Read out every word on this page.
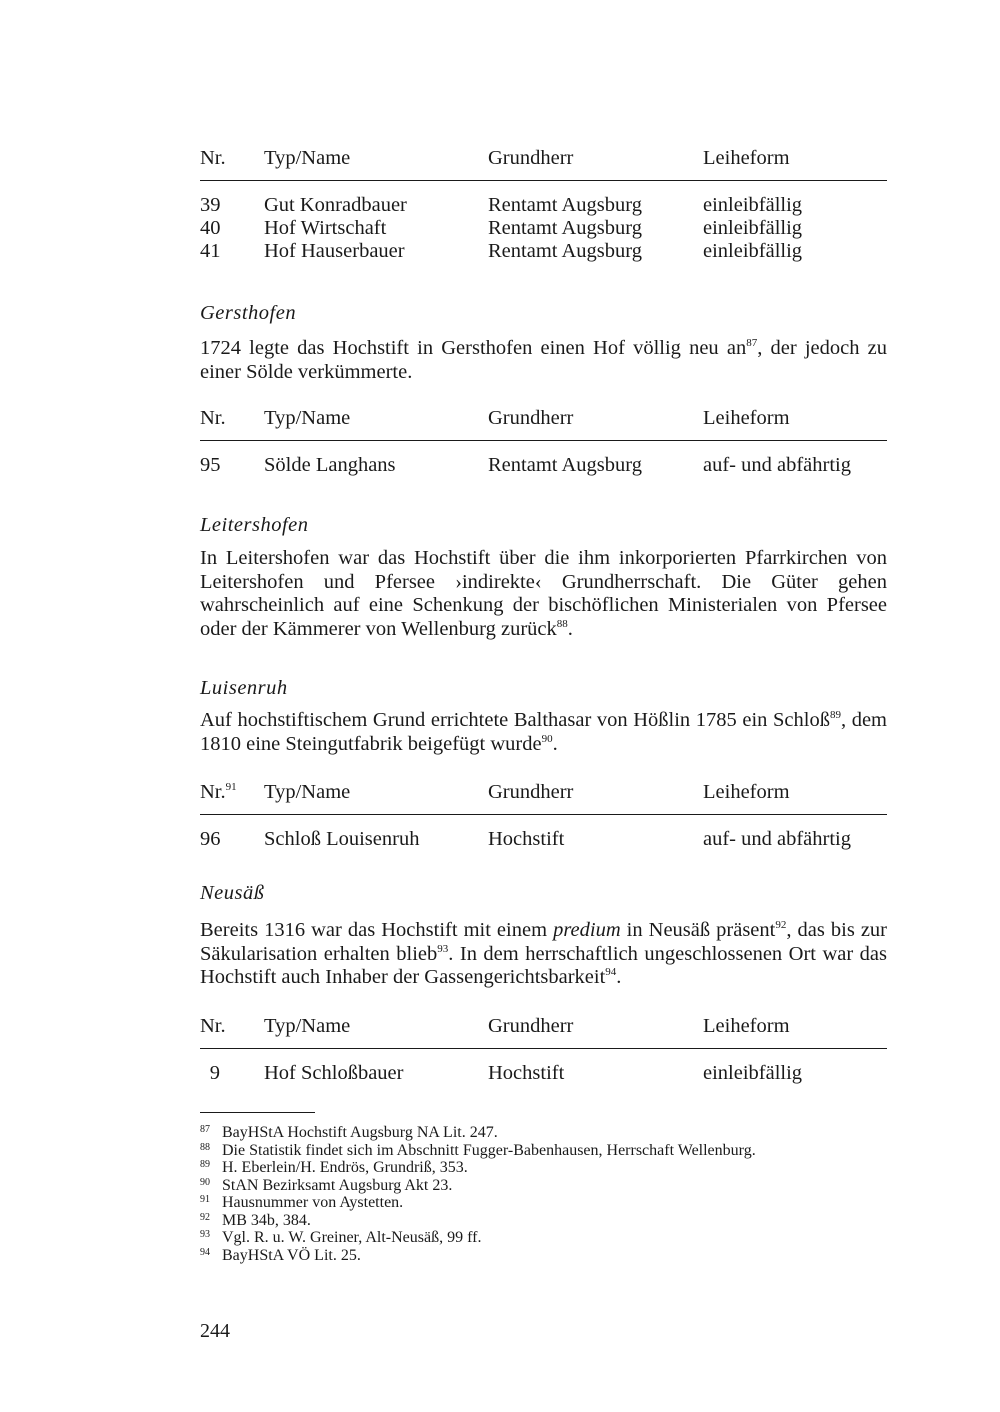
Nr. Typ/Name	Grundherr	Leiheform
39 Gut Konradbauer	Rentamt Augsburg	einleibfällig
40 Hof Wirtschaft	Rentamt Augsburg	einleibfällig
41 Hof Hauserbauer	Rentamt Augsburg	einleibfällig
Gersthofen
1724 legte das Hochstift in Gersthofen einen Hof völlig neu $an^{87}$, der jedoch zu einer Sölde verkümmerte.
Nr. Typ/Name	Grundherr	Leiheform
95 Sölde Langhans	Rentamt Augsburg	auf- und abfährtig
Leitershofen
In Leitershofen war das Hochstift über die ihm inkorporierten Pfarrkirchen von Leitershofen und Pfersee ›indirekte‹ Grundherrschaft. Die Güter gehen wahrscheinlich auf eine Schenkung der bischöflichen Ministerialen von Pfersee oder der Kämmerer von Wellenburg zurück$^{88}$.
Luisenruh
Auf hochstiftischem Grund errichtete Balthasar von Hößlin 1785 ein Schloß$^{89}$, dem 1810 eine Steingutfabrik beigefügt wurde$^{90}$.
Nr.$^{91}$ Typ/Name	Grundherr	Leiheform
96 Schloß Louisenruh	Hochstift	auf- und abfährtig
Neusäß
Bereits 1316 war das Hochstift mit einem predium in Neusäß präsent$^{92}$, das bis zur Säkularisation erhalten blieb$^{93}$. In dem herrschaftlich ungeschlossenen Ort war das Hochstift auch Inhaber der Gassengerichtsbarkeit$^{94}$.
Nr. Typ/Name	Grundherr	Leiheform
9 Hof Schloßbauer	Hochstift	einleibfällig
87 BayHStA Hochstift Augsburg NA Lit. 247.
88 Die Statistik findet sich im Abschnitt Fugger-Babenhausen, Herrschaft Wellenburg.
89 H. Eberlein/H. Endrös, Grundriß, 353.
90 StAN Bezirksamt Augsburg Akt 23.
91 Hausnummer von Aystetten.
92 MB 34b, 384.
93 Vgl. R. u. W. Greiner, Alt-Neusäß, 99 ff.
94 BayHStA VÖ Lit. 25.
244
